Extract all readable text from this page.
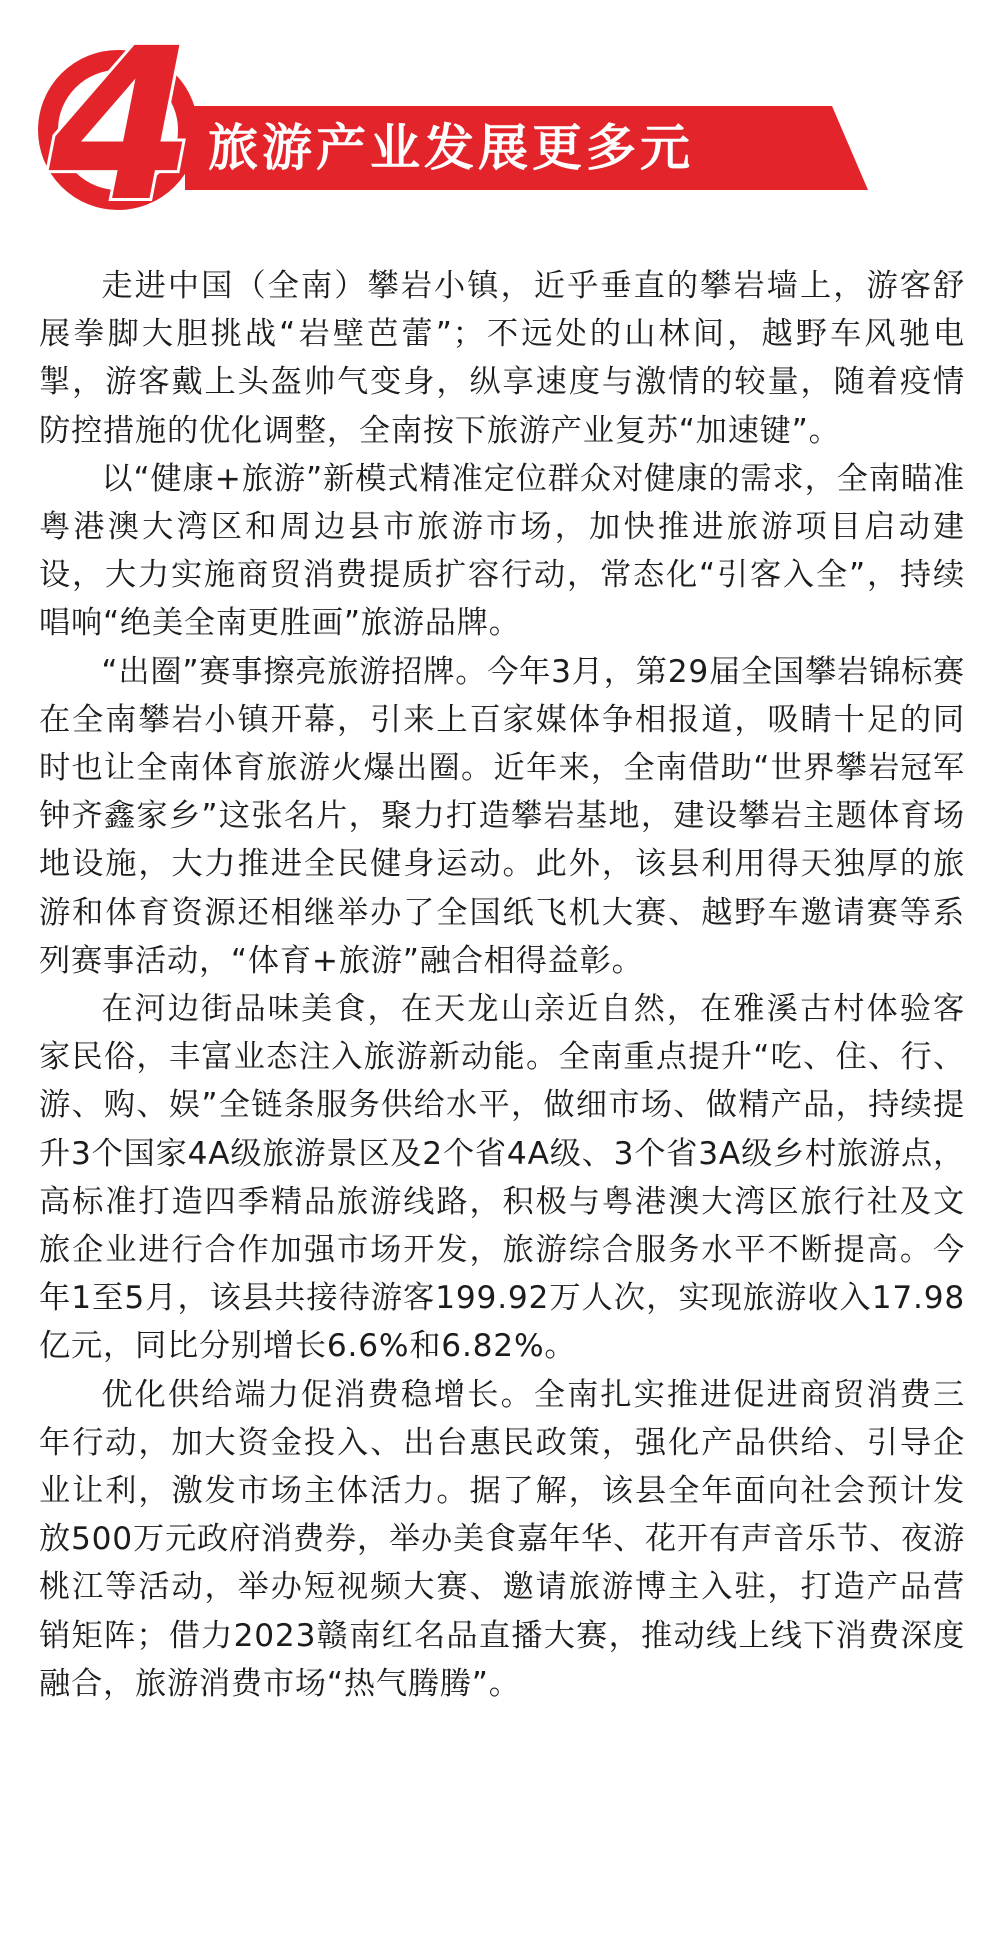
4 旅游产业发展更多元

走进中国（全南）攀岩小镇，近乎垂直的攀岩墙上，游客舒展拳脚大胆挑战“岩壁芭蕾”；不远处的山林间，越野车风驰电掣，游客戴上头盔帅气变身，纵享速度与激情的较量，随着疫情防控措施的优化调整，全南按下旅游产业复苏“加速键”。

以“健康+旅游”新模式精准定位群众对健康的需求，全南瞄准粤港澳大湾区和周边县市旅游市场，加快推进旅游项目启动建设，大力实施商贸消费提质扩容行动，常态化“引客入全”，持续唱响“绝美全南更胜画”旅游品牌。

“出圈”赛事擦亮旅游招牌。今年3月，第29届全国攀岩锦标赛在全南攀岩小镇开幕，引来上百家媒体争相报道，吸睛十足的同时也让全南体育旅游火爆出圈。近年来，全南借助“世界攀岩冠军钟齐鑫家乡”这张名片，聚力打造攀岩基地，建设攀岩主题体育场地设施，大力推进全民健身运动。此外，该县利用得天独厚的旅游和体育资源还相继举办了全国纸飞机大赛、越野车邀请赛等系列赛事活动，“体育+旅游”融合相得益彰。

在河边街品味美食，在天龙山亲近自然，在雅溪古村体验客家民俗，丰富业态注入旅游新动能。全南重点提升“吃、住、行、游、购、娱”全链条服务供给水平，做细市场、做精产品，持续提升3个国家4A级旅游景区及2个省4A级、3个省3A级乡村旅游点，高标准打造四季精品旅游线路，积极与粤港澳大湾区旅行社及文旅企业进行合作加强市场开发，旅游综合服务水平不断提高。今年1至5月，该县共接待游客199.92万人次，实现旅游收入17.98亿元，同比分别增长6.6%和6.82%。

优化供给端力促消费稳增长。全南扎实推进促进商贸消费三年行动，加大资金投入、出台惠民政策，强化产品供给、引导企业让利，激发市场主体活力。据了解，该县全年面向社会预计发放500万元政府消费券，举办美食嘉年华、花开有声音乐节、夜游桃江等活动，举办短视频大赛、邀请旅游博主入驻，打造产品营销矩阵；借力2023赣南红名品直播大赛，推动线上线下消费深度融合，旅游消费市场“热气腾腾”。
